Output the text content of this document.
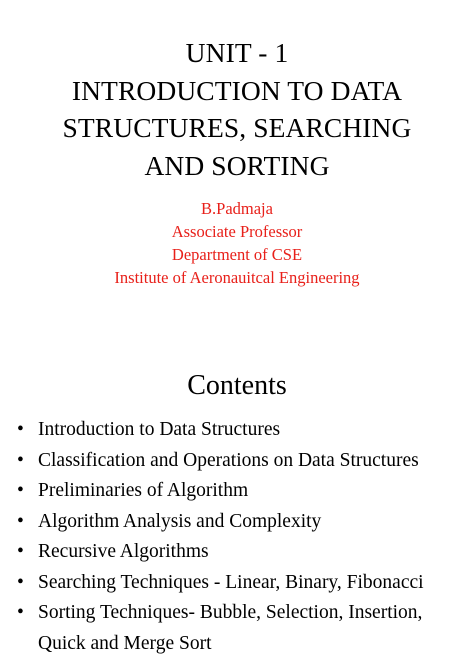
UNIT - 1
INTRODUCTION TO DATA
STRUCTURES, SEARCHING
AND SORTING
B.Padmaja
Associate Professor
Department of CSE
Institute of Aeronauitcal Engineering
Contents
• Introduction to Data Structures
• Classification and Operations on Data Structures
• Preliminaries of Algorithm
• Algorithm Analysis and Complexity
• Recursive Algorithms
• Searching Techniques - Linear, Binary, Fibonacci
• Sorting Techniques- Bubble, Selection, Insertion,
Quick and Merge Sort
